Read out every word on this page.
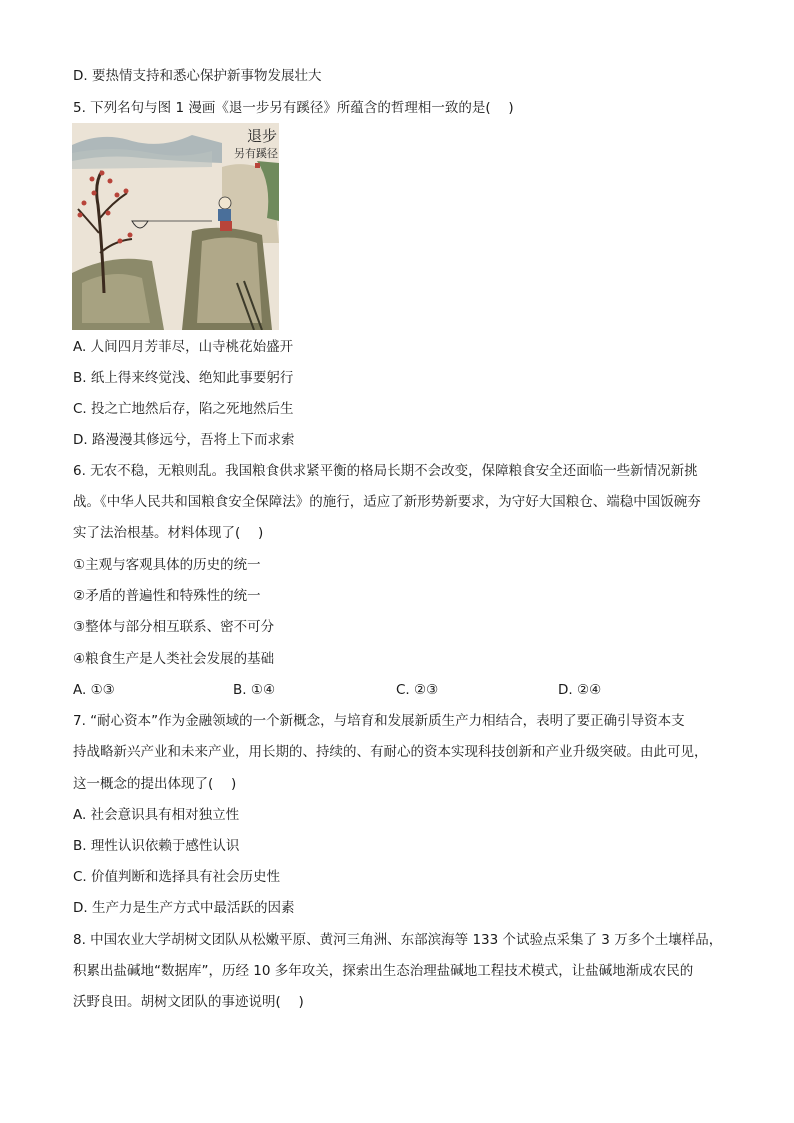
D. 要热情支持和悉心保护新事物发展壮大
5. 下列名句与图 1 漫画《退一步另有蹊径》所蕴含的哲理相一致的是(　 )
退步
另有蹊径
A. 人间四月芳菲尽，山寺桃花始盛开
B. 纸上得来终觉浅、绝知此事要躬行
C. 投之亡地然后存，陷之死地然后生
D. 路漫漫其修远兮，吾将上下而求索
6. 无农不稳，无粮则乱。我国粮食供求紧平衡的格局长期不会改变，保障粮食安全还面临一些新情况新挑
战。《中华人民共和国粮食安全保障法》的施行，适应了新形势新要求，为守好大国粮仓、端稳中国饭碗夯
实了法治根基。材料体现了(　 )
①主观与客观具体的历史的统一
②矛盾的普遍性和特殊性的统一
③整体与部分相互联系、密不可分
④粮食生产是人类社会发展的基础
A. ①③	B. ①④	C. ②③	D. ②④
7. “耐心资本”作为金融领域的一个新概念，与培育和发展新质生产力相结合，表明了要正确引导资本支
持战略新兴产业和未来产业，用长期的、持续的、有耐心的资本实现科技创新和产业升级突破。由此可见，
这一概念的提出体现了(　 )
A. 社会意识具有相对独立性
B. 理性认识依赖于感性认识
C. 价值判断和选择具有社会历史性
D. 生产力是生产方式中最活跃的因素
8. 中国农业大学胡树文团队从松嫩平原、黄河三角洲、东部滨海等 133 个试验点采集了 3 万多个土壤样品，
积累出盐碱地“数据库”，历经 10 多年攻关，探索出生态治理盐碱地工程技术模式，让盐碱地渐成农民的
沃野良田。胡树文团队的事迹说明(　 )
